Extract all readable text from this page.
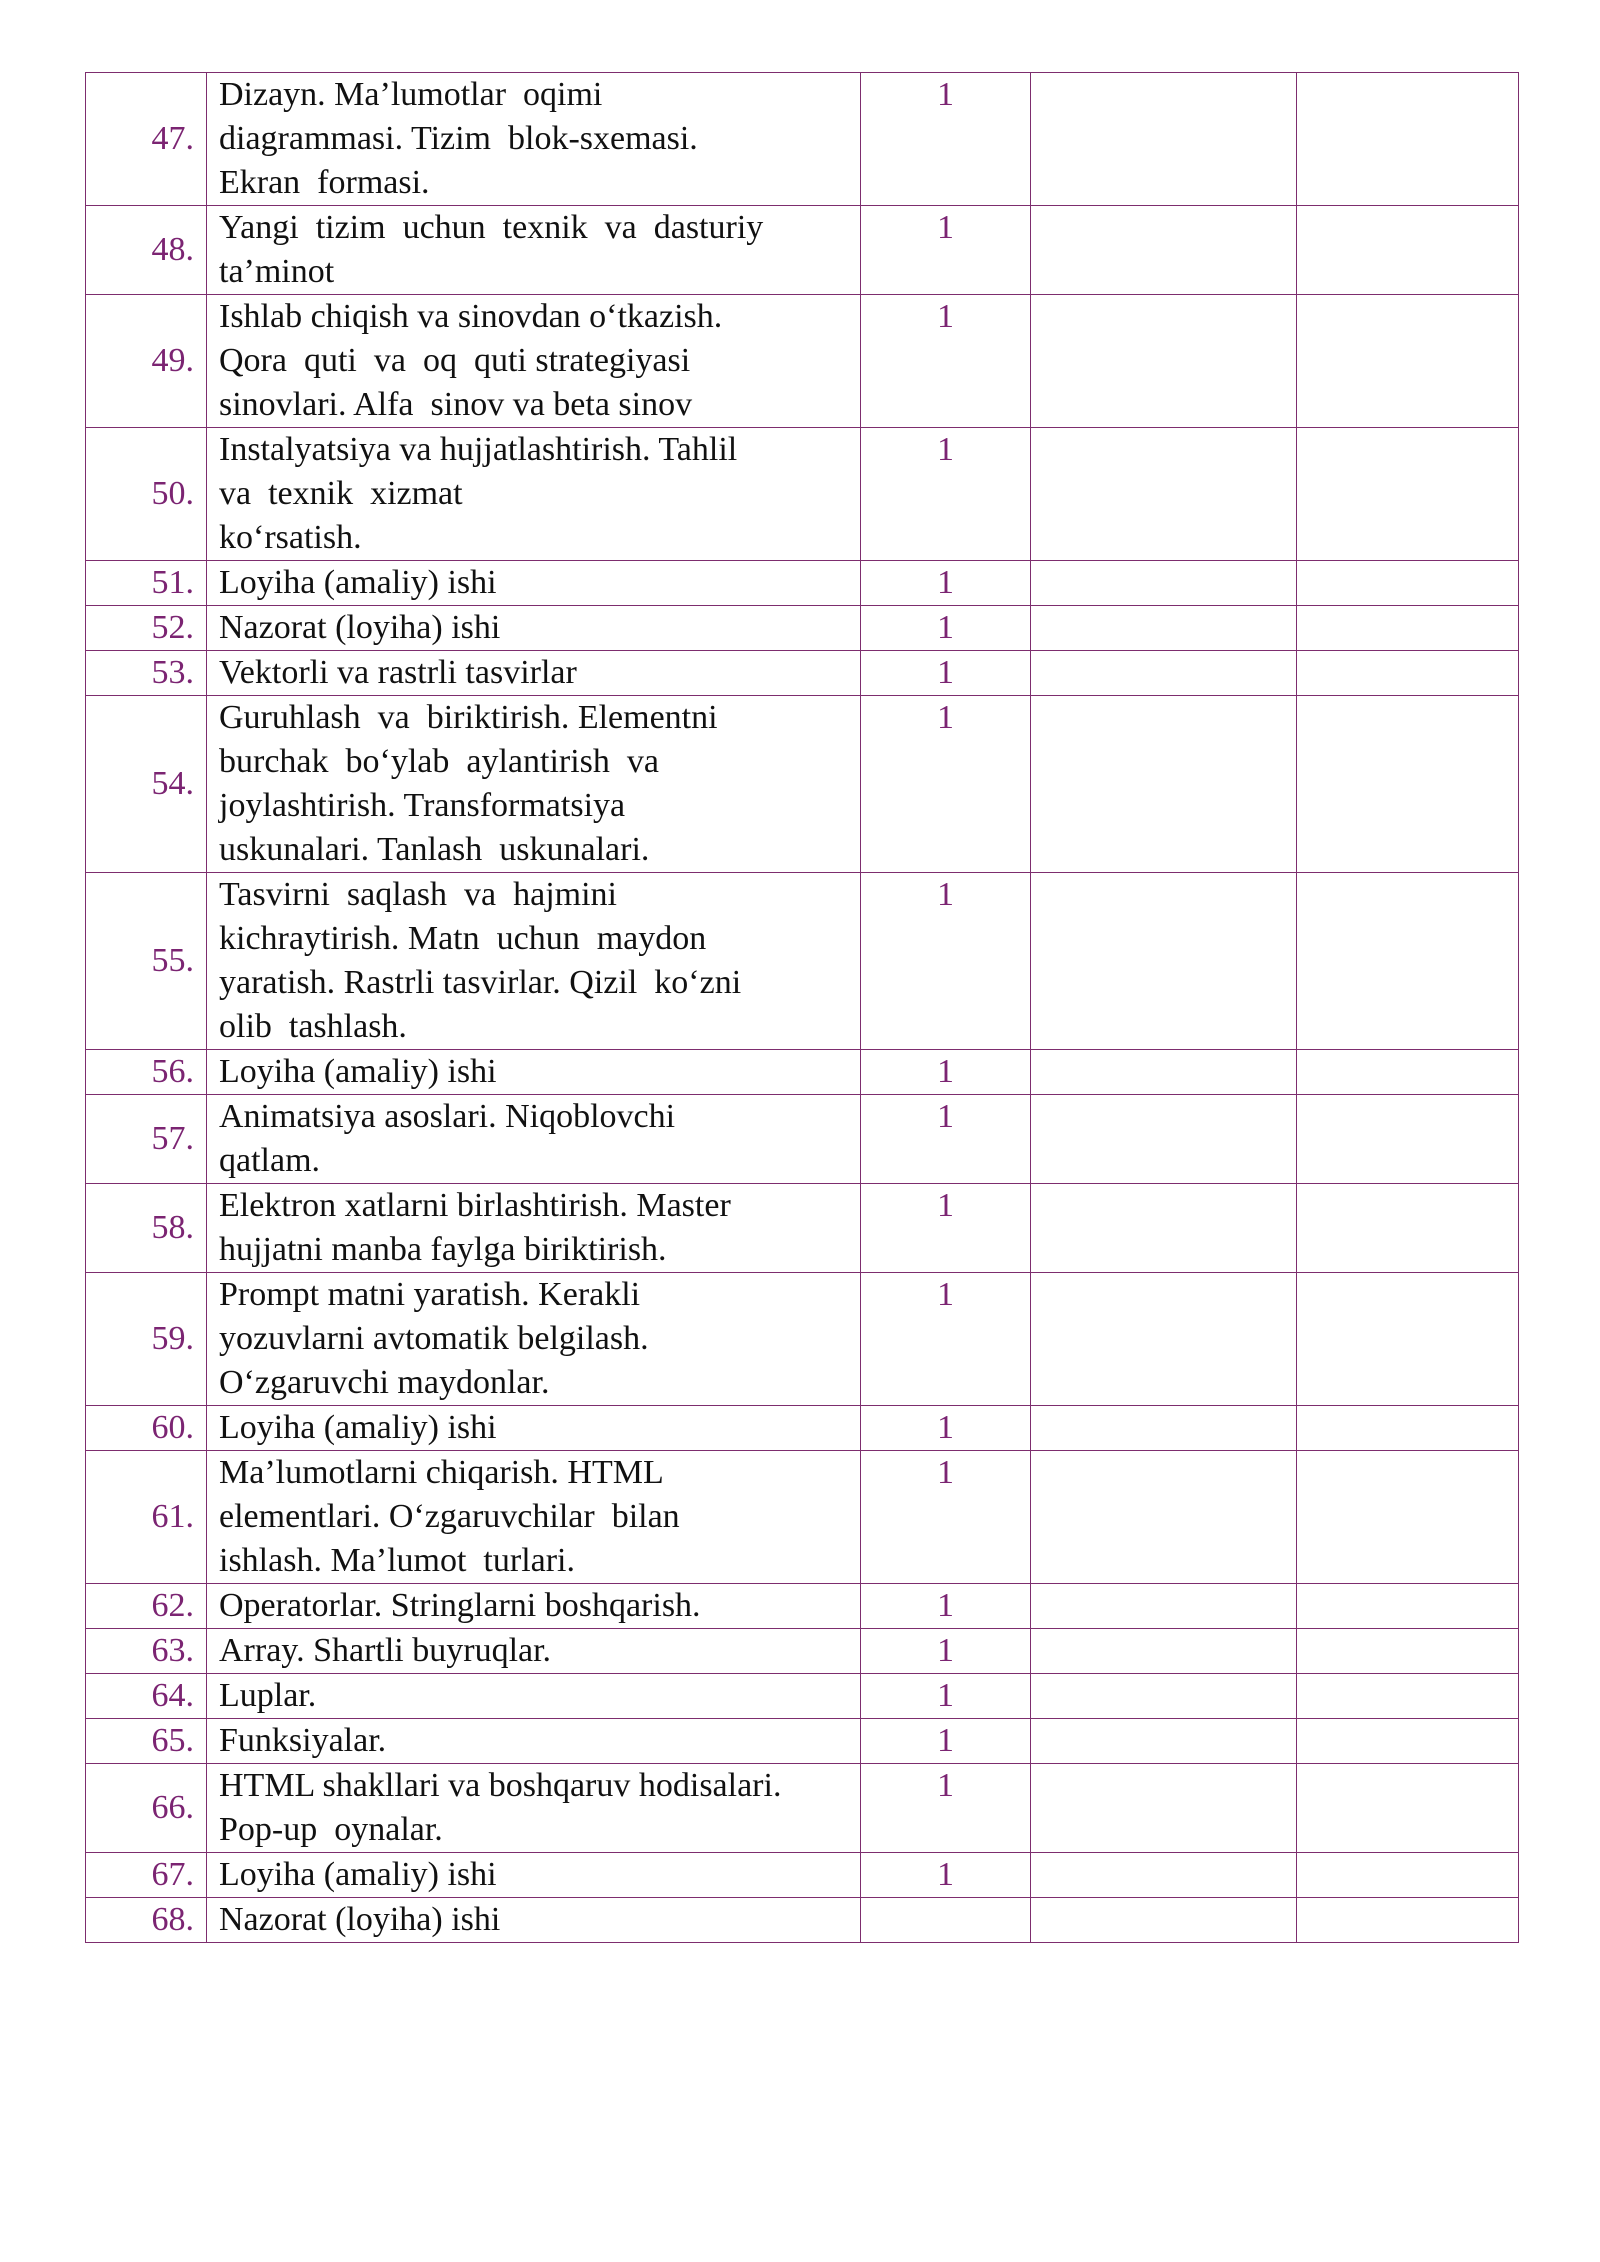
47.	Dizayn. Ma’lumotlar  oqimi
diagrammasi. Tizim  blok-sxemasi.
Ekran  formasi.	1		
48.	Yangi  tizim  uchun  texnik  va  dasturiy
ta’minot	1		
49.	Ishlab chiqish va sinovdan o‘tkazish.
Qora  quti  va  oq  quti strategiyasi
sinovlari. Alfa  sinov va beta sinov	1		
50.	Instalyatsiya va hujjatlashtirish. Tahlil
va  texnik  xizmat
ko‘rsatish.	1		
51.	Loyiha (amaliy) ishi	1		
52.	Nazorat (loyiha) ishi	1		
53.	Vektorli va rastrli tasvirlar	1		
54.	Guruhlash  va  biriktirish. Elementni
burchak  bo‘ylab  aylantirish  va
joylashtirish. Transformatsiya
uskunalari. Tanlash  uskunalari.	1		
55.	Tasvirni  saqlash  va  hajmini
kichraytirish. Matn  uchun  maydon
yaratish. Rastrli tasvirlar. Qizil  ko‘zni
olib  tashlash.	1		
56.	Loyiha (amaliy) ishi	1		
57.	Animatsiya asoslari. Niqoblovchi
qatlam.	1		
58.	Elektron xatlarni birlashtirish. Master
hujjatni manba faylga biriktirish.	1		
59.	Prompt matni yaratish. Kerakli
yozuvlarni avtomatik belgilash.
O‘zgaruvchi maydonlar.	1		
60.	Loyiha (amaliy) ishi	1		
61.	Ma’lumotlarni chiqarish. HTML
elementlari. O‘zgaruvchilar  bilan
ishlash. Ma’lumot  turlari.	1		
62.	Operatorlar. Stringlarni boshqarish.	1		
63.	Array. Shartli buyruqlar.	1		
64.	Luplar.	1		
65.	Funksiyalar.	1		
66.	HTML shakllari va boshqaruv hodisalari.
Pop-up  oynalar.	1		
67.	Loyiha (amaliy) ishi	1		
68.	Nazorat (loyiha) ishi			
